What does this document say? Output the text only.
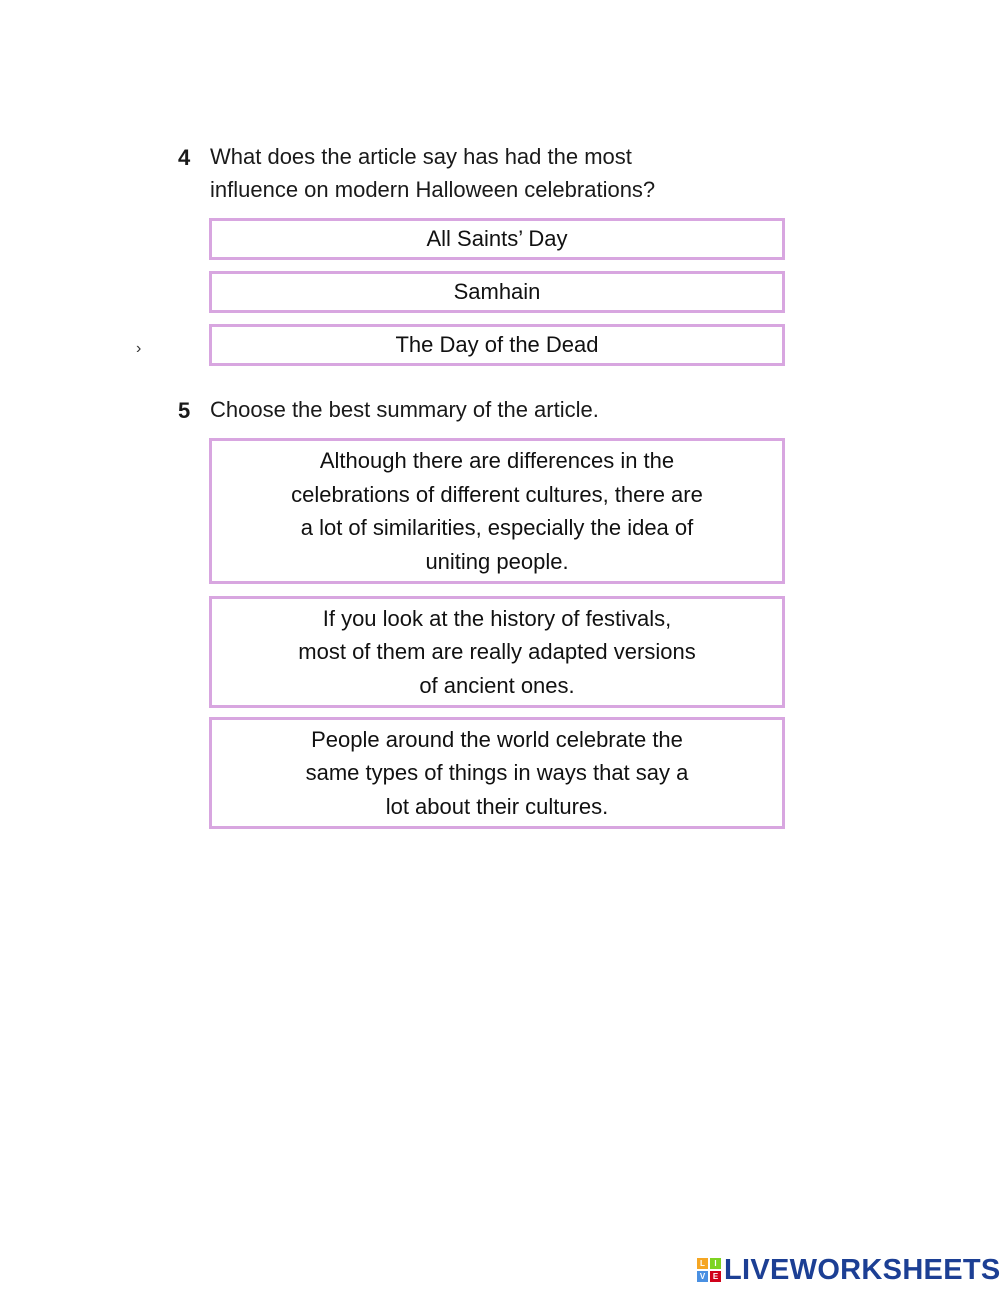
4 What does the article say has had the most
influence on modern Halloween celebrations?
All Saints’ Day
Samhain
The Day of the Dead
›
5 Choose the best summary of the article.
Although there are differences in the
celebrations of different cultures, there are
a lot of similarities, especially the idea of
uniting people.
If you look at the history of festivals,
most of them are really adapted versions
of ancient ones.
People around the world celebrate the
same types of things in ways that say a
lot about their cultures.
L	I
V E LIVEWORKSHEETS
